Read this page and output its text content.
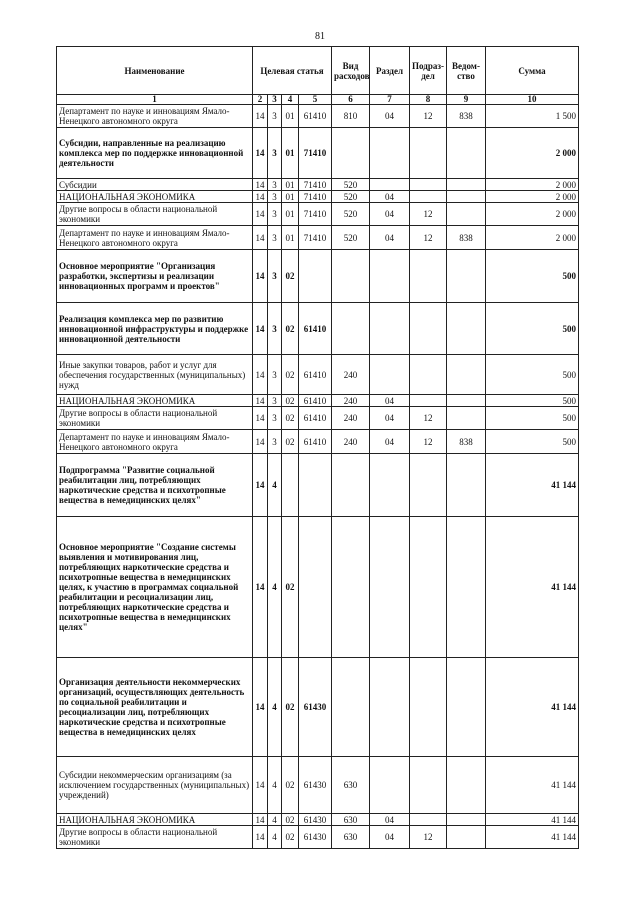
81
Наименование	Целевая статья				Вид расходов	Раздел	Подраз-дел	Ведом-ство	Сумма
1	2	3	4	5	6	7	8	9	10
Департамент по науке и инновациям Ямало-Ненецкого автономного округа	14	3	01	61410	810	04	12	838	1 500
Субсидии, направленные на реализацию комплекса мер по поддержке инновационной деятельности	14	3	01	71410					2 000
Субсидии	14	3	01	71410	520				2 000
НАЦИОНАЛЬНАЯ ЭКОНОМИКА	14	3	01	71410	520	04			2 000
Другие вопросы в области национальной экономики	14	3	01	71410	520	04	12		2 000
Департамент по науке и инновациям Ямало-Ненецкого автономного округа	14	3	01	71410	520	04	12	838	2 000
Основное мероприятие "Организация разработки, экспертизы и реализации инновационных программ и проектов"	14	3	02						500
Реализация комплекса мер по развитию инновационной инфраструктуры и поддержке инновационной деятельности	14	3	02	61410					500
Иные закупки товаров, работ и услуг для обеспечения государственных (муниципальных) нужд	14	3	02	61410	240				500
НАЦИОНАЛЬНАЯ ЭКОНОМИКА	14	3	02	61410	240	04			500
Другие вопросы в области национальной экономики	14	3	02	61410	240	04	12		500
Департамент по науке и инновациям Ямало-Ненецкого автономного округа	14	3	02	61410	240	04	12	838	500
Подпрограмма "Развитие социальной реабилитации лиц, потребляющих наркотические средства и психотропные вещества в немедицинских целях"	14	4							41 144
Основное мероприятие "Создание системы выявления и мотивирования лиц, потребляющих наркотические средства и психотропные вещества в немедицинских целях, к участию в программах социальной реабилитации и ресоциализации лиц, потребляющих наркотические средства и психотропные вещества в немедицинских целях"	14	4	02						41 144
Организация деятельности некоммерческих организаций, осуществляющих деятельность по социальной реабилитации и ресоциализации лиц, потребляющих наркотические средства и психотропные вещества в немедицинских целях	14	4	02	61430					41 144
Субсидии некоммерческим организациям (за исключением государственных (муниципальных) учреждений)	14	4	02	61430	630				41 144
НАЦИОНАЛЬНАЯ ЭКОНОМИКА	14	4	02	61430	630	04			41 144
Другие вопросы в области национальной экономики	14	4	02	61430	630	04	12		41 144
